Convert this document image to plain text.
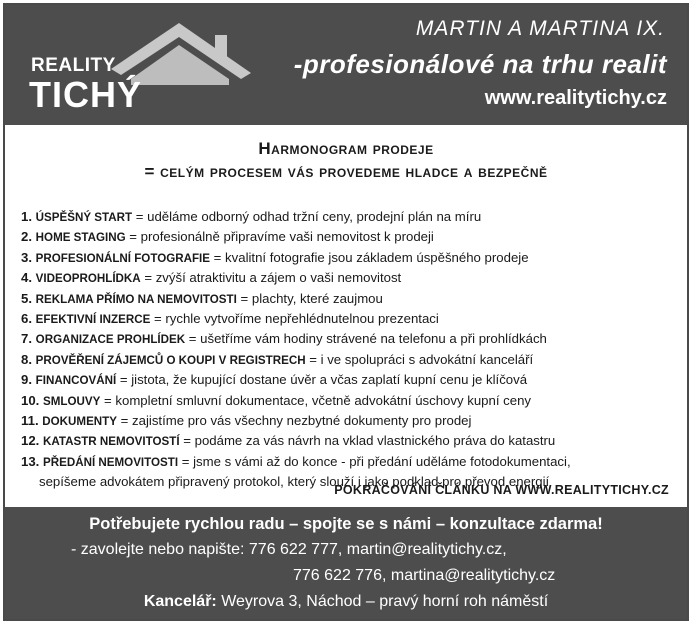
REALITY
TICHÝ
MARTIN A MARTINA IX.
-profesionálové na trhu realit
www.realitytichy.cz
Harmonogram prodeje
= celým procesem vás provedeme hladce a bezpečně
1. ÚSPĚŠNÝ START = uděláme odborný odhad tržní ceny, prodejní plán na míru
2. HOME STAGING = profesionálně připravíme vaši nemovitost k prodeji
3. PROFESIONÁLNÍ FOTOGRAFIE = kvalitní fotografie jsou základem úspěšného prodeje
4. VIDEOPROHLÍDKA = zvýší atraktivitu a zájem o vaši nemovitost
5. REKLAMA PŘÍMO NA NEMOVITOSTI = plachty, které zaujmou
6. EFEKTIVNÍ INZERCE = rychle vytvoříme nepřehlédnutelnou prezentaci
7. ORGANIZACE PROHLÍDEK = ušetříme vám hodiny strávené na telefonu a při prohlídkách
8. PROVĚŘENÍ ZÁJEMCŮ O KOUPI V REGISTRECH = i ve spolupráci s advokátní kanceláří
9. FINANCOVÁNÍ = jistota, že kupující dostane úvěr a včas zaplatí kupní cenu je klíčová
10. SMLOUVY = kompletní smluvní dokumentace, včetně advokátní úschovy kupní ceny
11. DOKUMENTY = zajistíme pro vás všechny nezbytné dokumenty pro prodej
12. KATASTR NEMOVITOSTÍ = podáme za vás návrh na vklad vlastnického práva do katastru
13. PŘEDÁNÍ NEMOVITOSTI = jsme s vámi až do konce - při předání uděláme fotodokumentaci,
sepíšeme advokátem připravený protokol, který slouží i jako podklad pro převod energií
POKRAČOVÁNÍ ČLÁNKU NA WWW.REALITYTICHY.CZ
Potřebujete rychlou radu – spojte se s námi – konzultace zdarma!
- zavolejte nebo napište: 776 622 777, martin@realitytichy.cz,
776 622 776, martina@realitytichy.cz
Kancelář: Weyrova 3, Náchod – pravý horní roh náměstí
